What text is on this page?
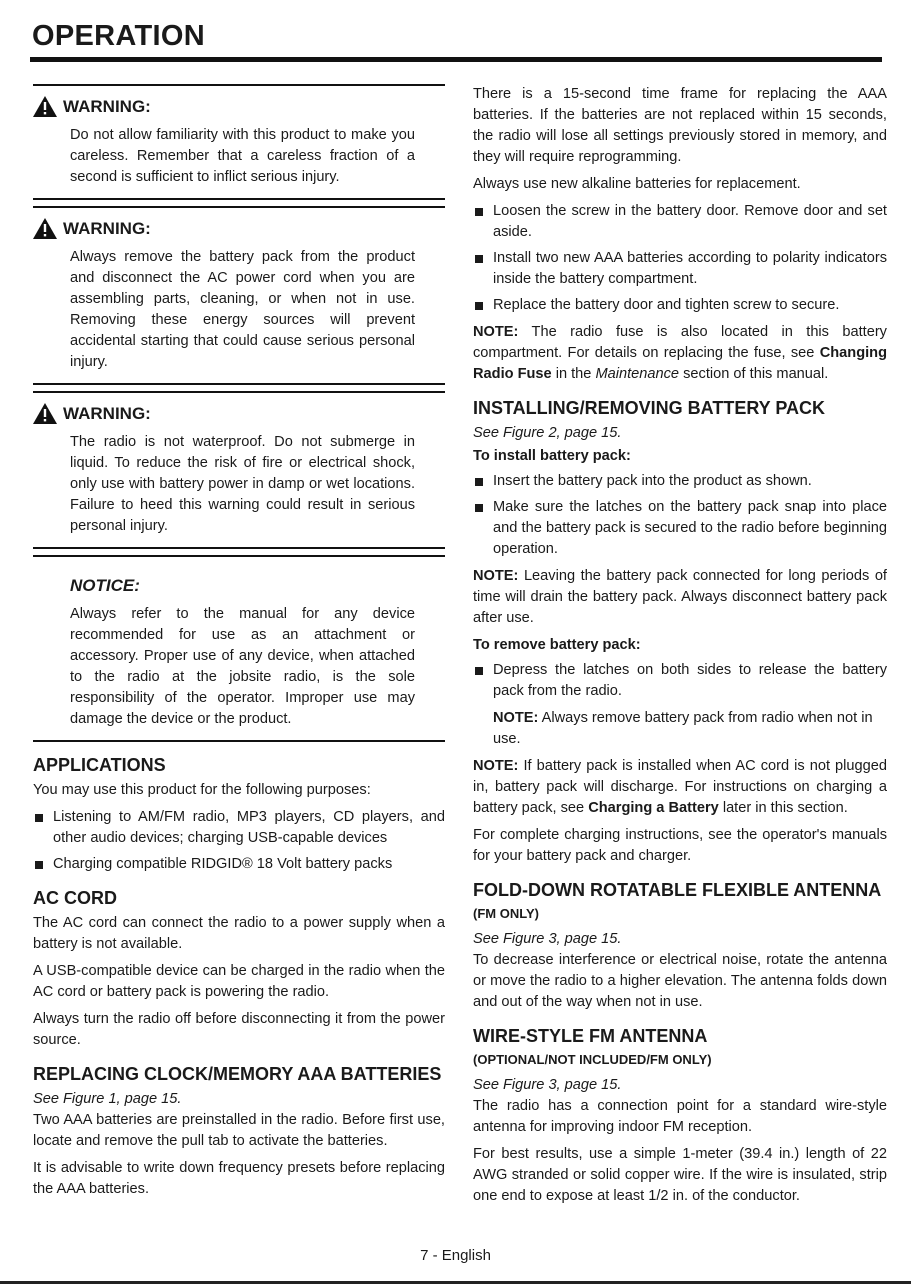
OPERATION
WARNING:

Do not allow familiarity with this product to make you careless. Remember that a careless fraction of a second is sufficient to inflict serious injury.

WARNING:

Always remove the battery pack from the product and disconnect the AC power cord when you are assembling parts, cleaning, or when not in use. Removing these energy sources will prevent accidental starting that could cause serious personal injury.

WARNING:

The radio is not waterproof. Do not submerge in liquid. To reduce the risk of fire or electrical shock, only use with battery power in damp or wet locations. Failure to heed this warning could result in serious personal injury.

NOTICE:

Always refer to the manual for any device recommended for use as an attachment or accessory. Proper use of any device, when attached to the radio at the jobsite radio, is the sole responsibility of the operator. Improper use may damage the device or the product.

APPLICATIONS

You may use this product for the following purposes:

Listening to AM/FM radio, MP3 players, CD players, and other audio devices; charging USB-capable devices
Charging compatible RIDGID® 18 Volt battery packs
AC CORD

The AC cord can connect the radio to a power supply when a battery is not available.

A USB-compatible device can be charged in the radio when the AC cord or battery pack is powering the radio.

Always turn the radio off before disconnecting it from the power source.

REPLACING CLOCK/MEMORY AAA BATTERIES

See Figure 1, page 15.

Two AAA batteries are preinstalled in the radio. Before first use, locate and remove the pull tab to activate the batteries.

It is advisable to write down frequency presets before replacing the AAA batteries.

There is a 15-second time frame for replacing the AAA batteries. If the batteries are not replaced within 15 seconds, the radio will lose all settings previously stored in memory, and they will require reprogramming.

Always use new alkaline batteries for replacement.

Loosen the screw in the battery door. Remove door and set aside.
Install two new AAA batteries according to polarity indicators inside the battery compartment.
Replace the battery door and tighten screw to secure.

NOTE: The radio fuse is also located in this battery compartment. For details on replacing the fuse, see Changing Radio Fuse in the Maintenance section of this manual.

INSTALLING/REMOVING BATTERY PACK

See Figure 2, page 15.

To install battery pack:
Insert the battery pack into the product as shown.
Make sure the latches on the battery pack snap into place and the battery pack is secured to the radio before beginning operation.

NOTE: Leaving the battery pack connected for long periods of time will drain the battery pack. Always disconnect battery pack after use.

To remove battery pack:
Depress the latches on both sides to release the battery pack from the radio.
NOTE: Always remove battery pack from radio when not in use.

NOTE: If battery pack is installed when AC cord is not plugged in, battery pack will discharge. For instructions on charging a battery pack, see Charging a Battery later in this section.

For complete charging instructions, see the operator's manuals for your battery pack and charger.

FOLD-DOWN ROTATABLE FLEXIBLE ANTENNA (FM ONLY)

See Figure 3, page 15.

To decrease interference or electrical noise, rotate the antenna or move the radio to a higher elevation. The antenna folds down and out of the way when not in use.

WIRE-STYLE FM ANTENNA
(OPTIONAL/NOT INCLUDED/FM ONLY)

See Figure 3, page 15.

The radio has a connection point for a standard wire-style antenna for improving indoor FM reception.

For best results, use a simple 1-meter (39.4 in.) length of 22 AWG stranded or solid copper wire. If the wire is insulated, strip one end to expose at least 1/2 in. of the conductor.

7 - English
